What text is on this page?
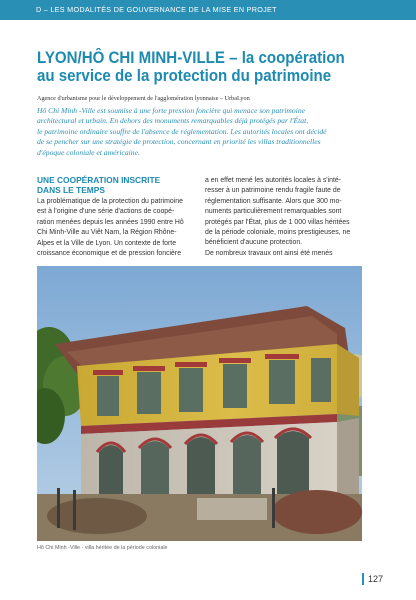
D – LES MODALITÉS DE GOUVERNANCE DE LA MISE EN PROJET
LYON/HÔ CHI MINH-VILLE – la coopération
au service de la protection du patrimoine
Agence d'urbanisme pour le développement de l'agglomération lyonnaise – UrbaLyon
Hô Chi Minh -Ville est soumise à une forte pression foncière qui menace son patrimoine
architectural et urbain. En dehors des monuments remarquables déjà protégés par l'État,
le patrimoine ordinaire souffre de l'absence de réglementation. Les autorités locales ont décidé
de se pencher sur une stratégie de protection, concernant en priorité les villas traditionnelles
d'époque coloniale et américaine.
UNE COOPÉRATION INSCRITE
DANS LE TEMPS
La problématique de la protection du patrimoine
est à l'origine d'une série d'actions de coopé-
ration menées depuis les années 1990 entre Hô
Chi Minh-Ville au Viêt Nam, la Région Rhône-
Alpes et la Ville de Lyon. Un contexte de forte
croissance économique et de pression foncière
a en effet mené les autorités locales à s'inté-
resser à un patrimoine rendu fragile faute de
réglementation suffisante. Alors que 300 mo-
numents particulièrement remarquables sont
protégés par l'État, plus de 1 000 villas héritées
de la période coloniale, moins prestigieuses, ne
bénéficient d'aucune protection.
De nombreux travaux ont ainsi été menés
Hô Chi Minh -Ville - villa héritée de la période coloniale
127
